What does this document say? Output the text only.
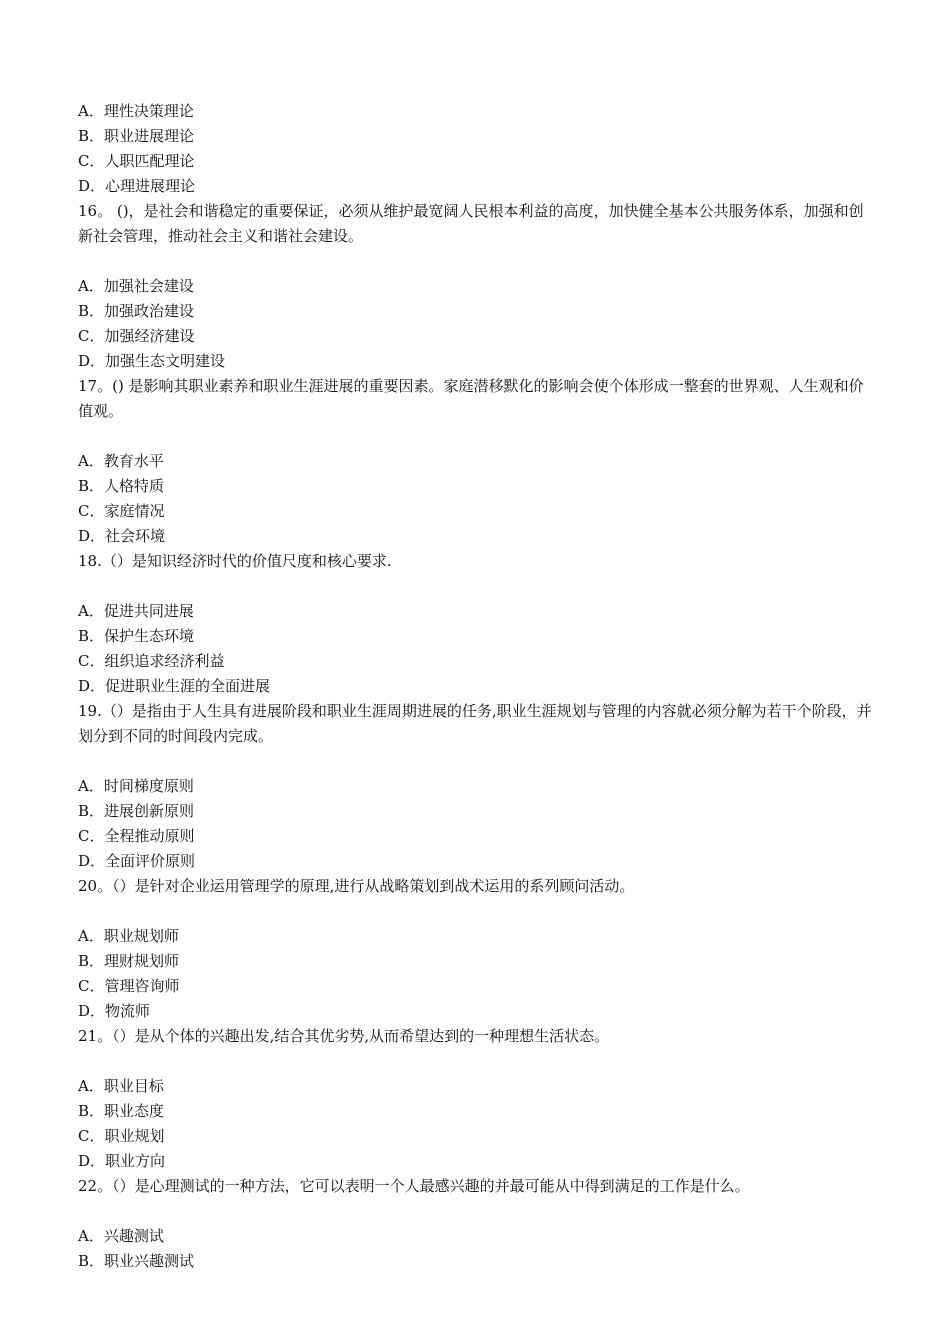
A．理性决策理论
B．职业进展理论
C．人职匹配理论
D．心理进展理论
16。 ()，是社会和谐稳定的重要保证，必须从维护最宽阔人民根本利益的高度，加快健全基本公共服务体系，加强和创新社会管理，推动社会主义和谐社会建设。
A．加强社会建设
B．加强政治建设
C．加强经济建设
D．加强生态文明建设
17。() 是影响其职业素养和职业生涯进展的重要因素。家庭潜移默化的影响会使个体形成一整套的世界观、人生观和价值观。
A．教育水平
B．人格特质
C．家庭情况
D．社会环境
18.（）是知识经济时代的价值尺度和核心要求.
A．促进共同进展
B．保护生态环境
C．组织追求经济利益
D．促进职业生涯的全面进展
19.（）是指由于人生具有进展阶段和职业生涯周期进展的任务,职业生涯规划与管理的内容就必须分解为若干个阶段，并划分到不同的时间段内完成。
A．时间梯度原则
B．进展创新原则
C．全程推动原则
D．全面评价原则
20。（）是针对企业运用管理学的原理,进行从战略策划到战术运用的系列顾问活动。
A．职业规划师
B．理财规划师
C．管理咨询师
D．物流师
21。（）是从个体的兴趣出发,结合其优劣势,从而希望达到的一种理想生活状态。
A．职业目标
B．职业态度
C．职业规划
D．职业方向
22。（）是心理测试的一种方法，它可以表明一个人最感兴趣的并最可能从中得到满足的工作是什么。
A．兴趣测试
B．职业兴趣测试
